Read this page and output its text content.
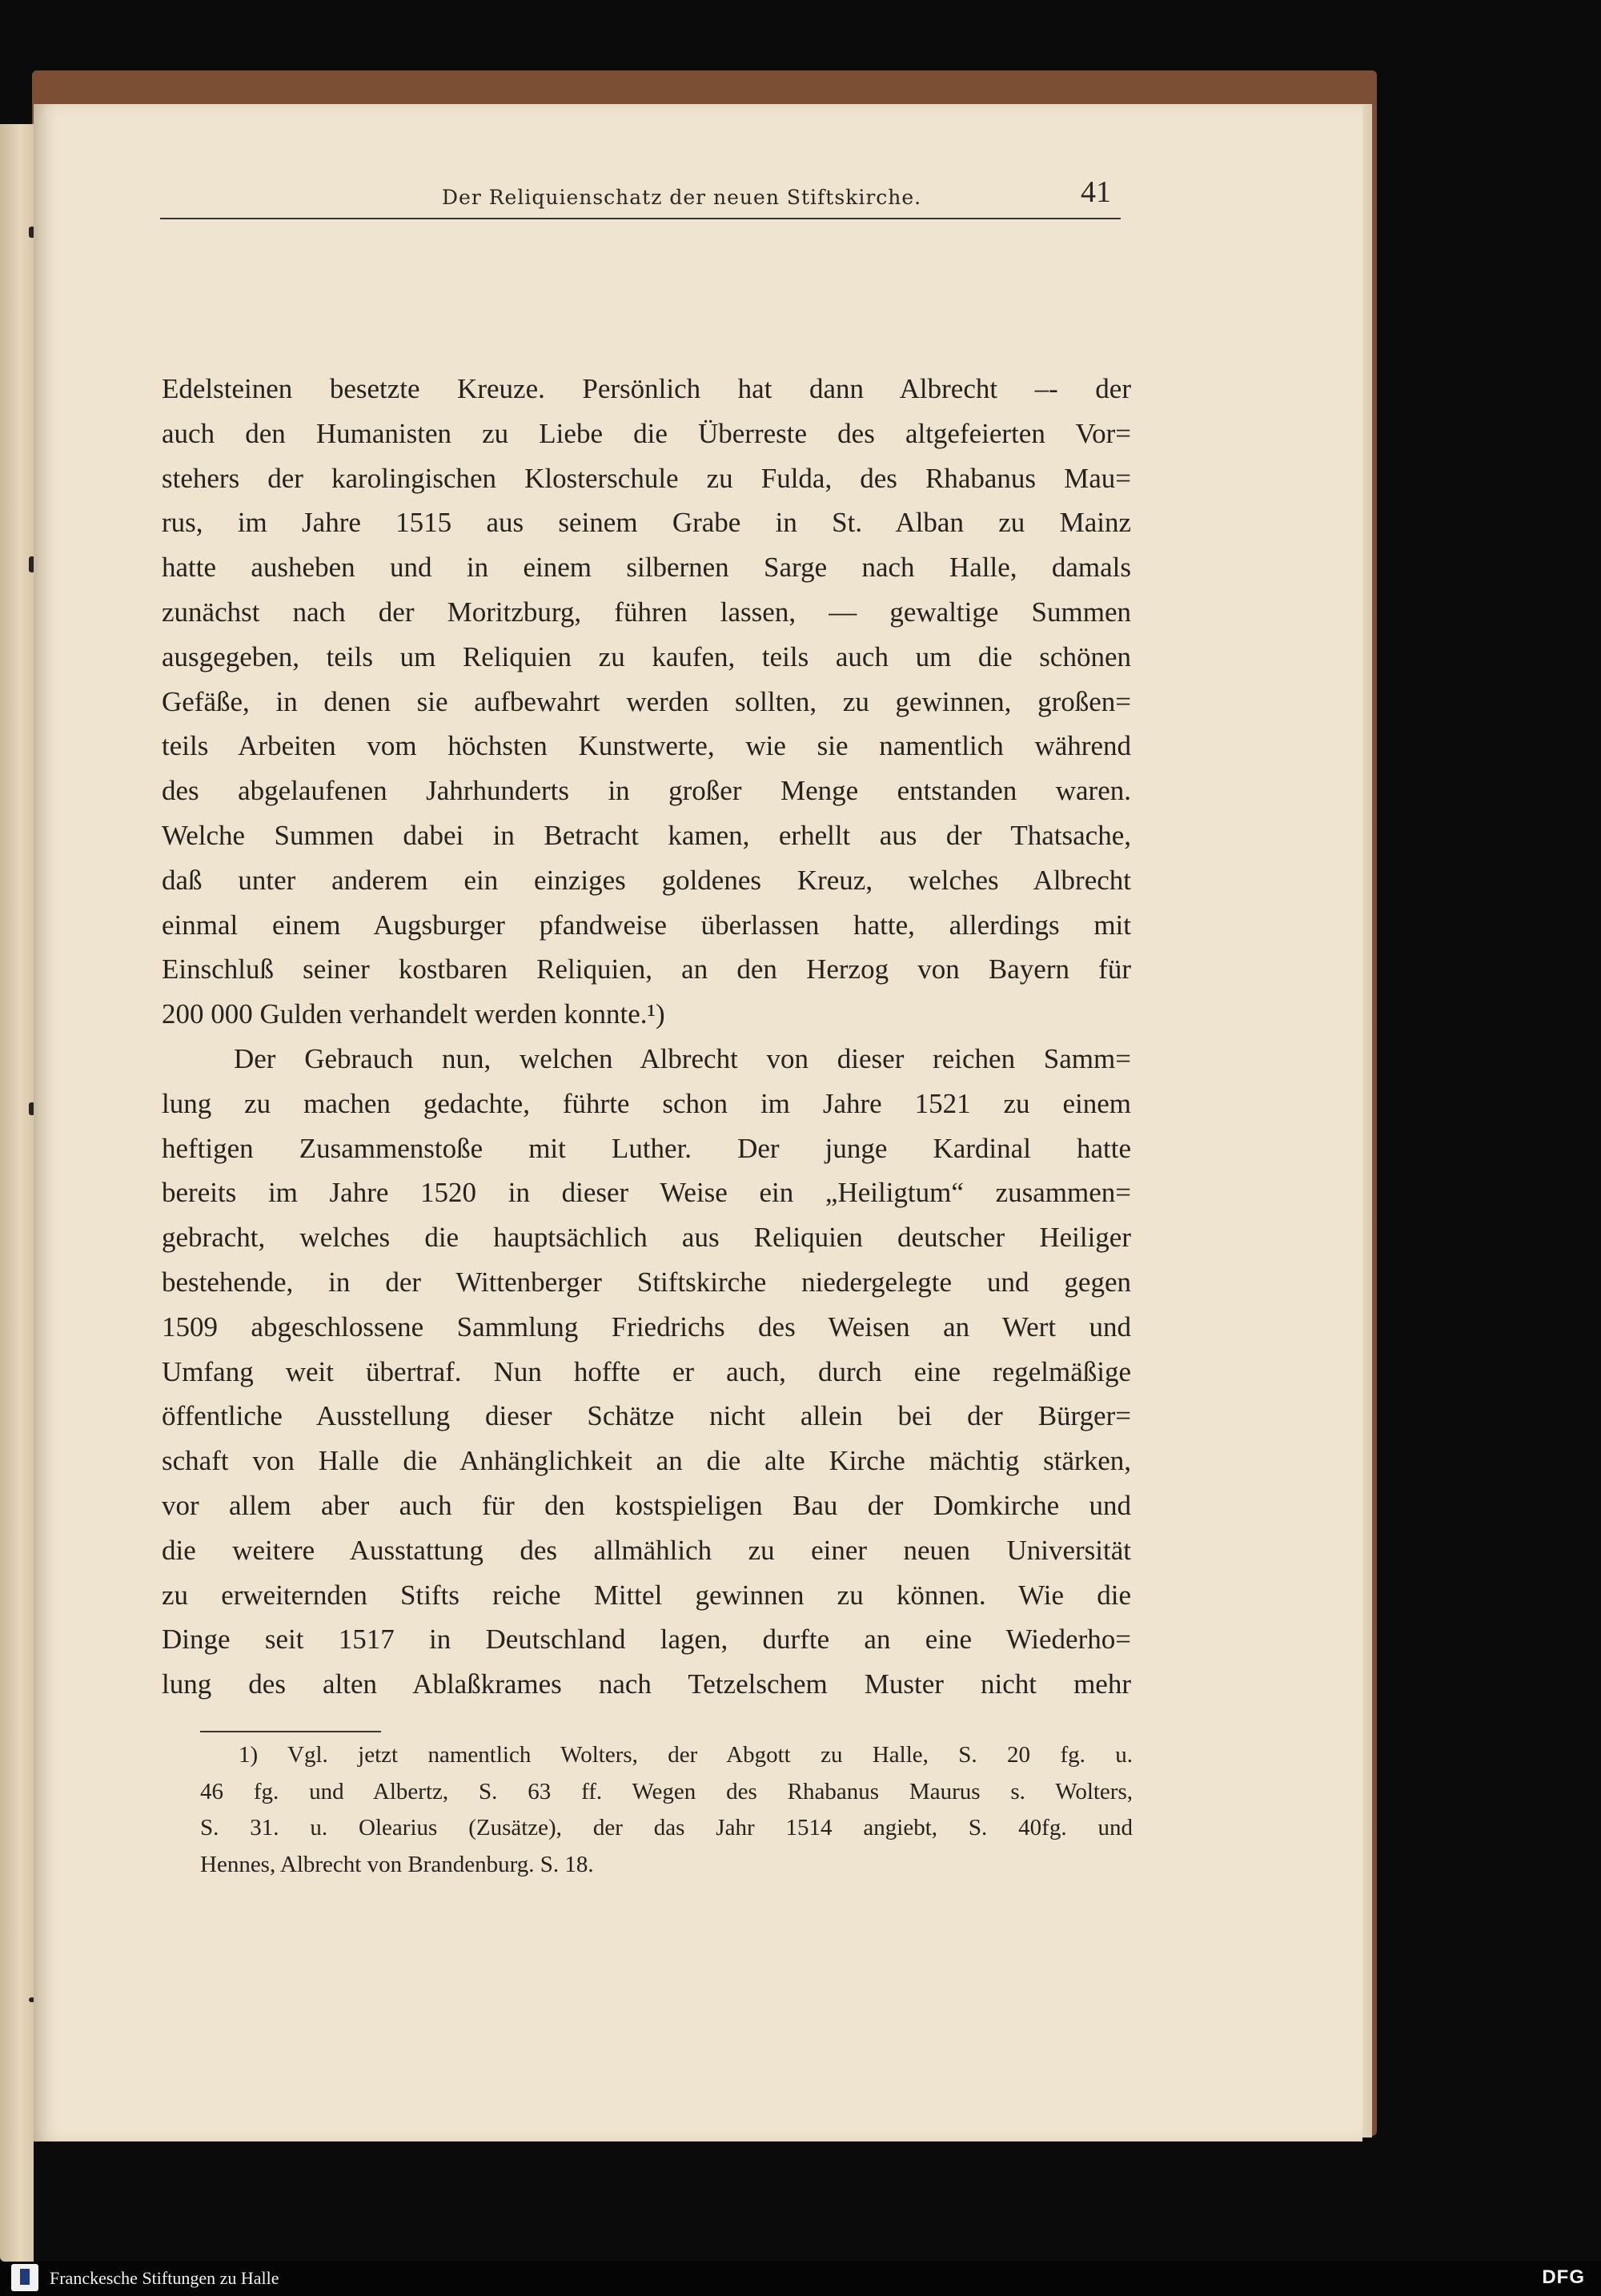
Der Reliquienschatz der neuen Stiftskirche.	41
Edelsteinen besetzte Kreuze. Persönlich hat dann Albrecht –- der
auch den Humanisten zu Liebe die Überreste des altgefeierten Vor=
stehers der karolingischen Klosterschule zu Fulda, des Rhabanus Mau=
rus, im Jahre 1515 aus seinem Grabe in St. Alban zu Mainz
hatte ausheben und in einem silbernen Sarge nach Halle, damals
zunächst nach der Moritzburg, führen lassen, — gewaltige Summen
ausgegeben, teils um Reliquien zu kaufen, teils auch um die schönen
Gefäße, in denen sie aufbewahrt werden sollten, zu gewinnen, großen=
teils Arbeiten vom höchsten Kunstwerte, wie sie namentlich während
des abgelaufenen Jahrhunderts in großer Menge entstanden waren.
Welche Summen dabei in Betracht kamen, erhellt aus der Thatsache,
daß unter anderem ein einziges goldenes Kreuz, welches Albrecht
einmal einem Augsburger pfandweise überlassen hatte, allerdings mit
Einschluß seiner kostbaren Reliquien, an den Herzog von Bayern für
200 000 Gulden verhandelt werden konnte.¹)
Der Gebrauch nun, welchen Albrecht von dieser reichen Samm=
lung zu machen gedachte, führte schon im Jahre 1521 zu einem
heftigen Zusammenstoße mit Luther. Der junge Kardinal hatte
bereits im Jahre 1520 in dieser Weise ein „Heiligtum“ zusammen=
gebracht, welches die hauptsächlich aus Reliquien deutscher Heiliger
bestehende, in der Wittenberger Stiftskirche niedergelegte und gegen
1509 abgeschlossene Sammlung Friedrichs des Weisen an Wert und
Umfang weit übertraf. Nun hoffte er auch, durch eine regelmäßige
öffentliche Ausstellung dieser Schätze nicht allein bei der Bürger=
schaft von Halle die Anhänglichkeit an die alte Kirche mächtig stärken,
vor allem aber auch für den kostspieligen Bau der Domkirche und
die weitere Ausstattung des allmählich zu einer neuen Universität
zu erweiternden Stifts reiche Mittel gewinnen zu können. Wie die
Dinge seit 1517 in Deutschland lagen, durfte an eine Wiederho=
lung des alten Ablaßkrames nach Tetzelschem Muster nicht mehr
1) Vgl. jetzt namentlich Wolters, der Abgott zu Halle, S. 20 fg. u.
46 fg. und Albertz, S. 63 ff. Wegen des Rhabanus Maurus s. Wolters,
S. 31. u. Olearius (Zusätze), der das Jahr 1514 angiebt, S. 40fg. und
Hennes, Albrecht von Brandenburg. S. 18.
Franckesche Stiftungen zu Halle	DFG
